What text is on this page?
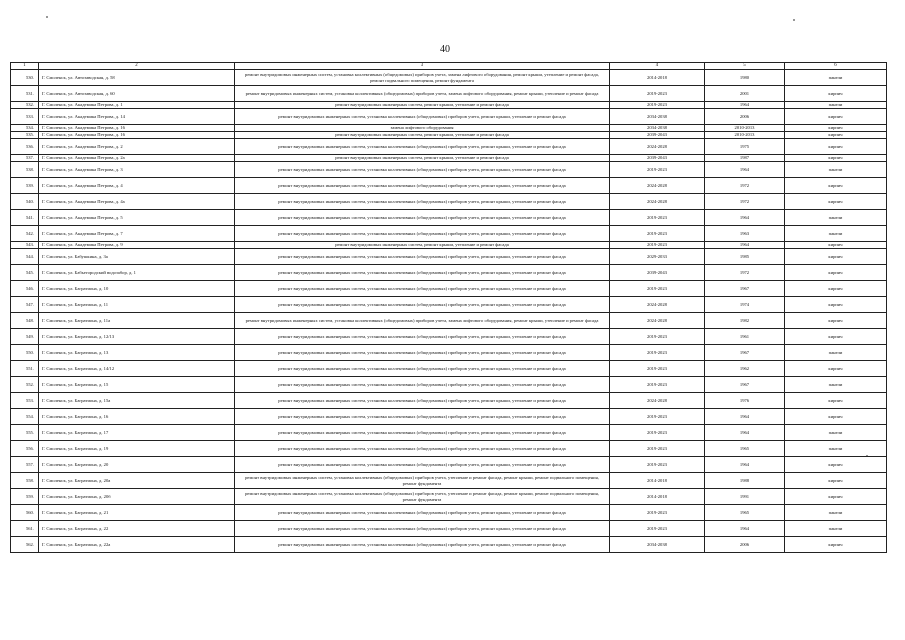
40
1	2	3	4	5	6
530.	Г. Смоленск, ул. Автозаводская, д. 58	ремонт внутридомовых инженерных систем, установка коллективных (общедомовых) приборов учета, замена лифтового оборудования, ремонт крыши, утепление и ремонт фасада, ремонт подвального помещения, ремонт фундамента	2014-2018	1980	панели
531.	Г. Смоленск, ул. Автозаводская, д. 60	ремонт внутридомовых инженерных систем, установка коллективных (общедомовых) приборов учета, замена лифтового оборудования, ремонт крыши, утепление и ремонт фасада	2019-2023	2001	кирпич
532.	Г. Смоленск, ул. Академика Петрова, д. 1	ремонт внутридомовых инженерных систем, ремонт крыши, утепление и ремонт фасада	2019-2023	1964	панели
533.	Г. Смоленск, ул. Академика Петрова, д. 14	ремонт внутридомовых инженерных систем, установка коллективных (общедомовых) приборов учета, ремонт крыши, утепление и ремонт фасада	2034-2038	2006	кирпич
534.	Г. Смоленск, ул. Академика Петрова, д. 16	замена лифтового оборудования	2034-2038	2010-2013	кирпич
535.	Г. Смоленск, ул. Академика Петрова, д. 16	ремонт внутридомовых инженерных систем, ремонт крыши, утепление и ремонт фасада	2039-2043	2010-2013	кирпич
536.	Г. Смоленск, ул. Академика Петрова, д. 2	ремонт внутридомовых инженерных систем, установка коллективных (общедомовых) приборов учета, ремонт крыши, утепление и ремонт фасада	2024-2028	1975	кирпич
537.	Г. Смоленск, ул. Академика Петрова, д. 2а	ремонт внутридомовых инженерных систем, ремонт крыши, утепление и ремонт фасада	2039-2043	1987	кирпич
538.	Г. Смоленск, ул. Академика Петрова, д. 3	ремонт внутридомовых инженерных систем, установка коллективных (общедомовых) приборов учета, ремонт крыши, утепление и ремонт фасада	2019-2023	1964	панели
539.	Г. Смоленск, ул. Академика Петрова, д. 4	ремонт внутридомовых инженерных систем, установка коллективных (общедомовых) приборов учета, ремонт крыши, утепление и ремонт фасада	2024-2028	1972	кирпич
540.	Г. Смоленск, ул. Академика Петрова, д. 4а	ремонт внутридомовых инженерных систем, установка коллективных (общедомовых) приборов учета, ремонт крыши, утепление и ремонт фасада	2024-2028	1972	кирпич
541.	Г. Смоленск, ул. Академика Петрова, д. 5	ремонт внутридомовых инженерных систем, установка коллективных (общедомовых) приборов учета, ремонт крыши, утепление и ремонт фасада	2019-2023	1964	панели
542.	Г. Смоленск, ул. Академика Петрова, д. 7	ремонт внутридомовых инженерных систем, установка коллективных (общедомовых) приборов учета, ремонт крыши, утепление и ремонт фасада	2019-2023	1963	панели
543.	Г. Смоленск, ул. Академика Петрова, д. 9	ремонт внутридомовых инженерных систем, ремонт крыши, утепление и ремонт фасада	2019-2023	1964	кирпич
544.	Г. Смоленск, ул. Бабушкина, д. 3а	ремонт внутридомовых инженерных систем, установка коллективных (общедомовых) приборов учета, ремонт крыши, утепление и ремонт фасада	2029-2033	1985	кирпич
545.	Г. Смоленск, ул. Бабьегородский водозабор, д. 1	ремонт внутридомовых инженерных систем, установка коллективных (общедомовых) приборов учета, ремонт крыши, утепление и ремонт фасада	2039-2043	1972	кирпич
546.	Г. Смоленск, ул. Багратиона, д. 10	ремонт внутридомовых инженерных систем, установка коллективных (общедомовых) приборов учета, ремонт крыши, утепление и ремонт фасада	2019-2023	1967	кирпич
547.	Г. Смоленск, ул. Багратиона, д. 11	ремонт внутридомовых инженерных систем, установка коллективных (общедомовых) приборов учета, ремонт крыши, утепление и ремонт фасада	2024-2028	1974	кирпич
548.	Г. Смоленск, ул. Багратиона, д. 11а	ремонт внутридомовых инженерных систем, установка коллективных (общедомовых) приборов учета, замена лифтового оборудования, ремонт крыши, утепление и ремонт фасада	2024-2028	1982	кирпич
549.	Г. Смоленск, ул. Багратиона, д. 12/13	ремонт внутридомовых инженерных систем, установка коллективных (общедомовых) приборов учета, ремонт крыши, утепление и ремонт фасада	2019-2023	1961	кирпич
550.	Г. Смоленск, ул. Багратиона, д. 13	ремонт внутридомовых инженерных систем, установка коллективных (общедомовых) приборов учета, ремонт крыши, утепление и ремонт фасада	2019-2023	1967	панели
551.	Г. Смоленск, ул. Багратиона, д. 14/12	ремонт внутридомовых инженерных систем, установка коллективных (общедомовых) приборов учета, ремонт крыши, утепление и ремонт фасада	2019-2023	1962	кирпич
552.	Г. Смоленск, ул. Багратиона, д. 15	ремонт внутридомовых инженерных систем, установка коллективных (общедомовых) приборов учета, ремонт крыши, утепление и ремонт фасада	2019-2023	1967	панели
553.	Г. Смоленск, ул. Багратиона, д. 15а	ремонт внутридомовых инженерных систем, установка коллективных (общедомовых) приборов учета, ремонт крыши, утепление и ремонт фасада	2024-2028	1976	кирпич
554.	Г. Смоленск, ул. Багратиона, д. 16	ремонт внутридомовых инженерных систем, установка коллективных (общедомовых) приборов учета, ремонт крыши, утепление и ремонт фасада	2019-2023	1964	кирпич
555.	Г. Смоленск, ул. Багратиона, д. 17	ремонт внутридомовых инженерных систем, установка коллективных (общедомовых) приборов учета, ремонт крыши, утепление и ремонт фасада	2019-2023	1964	панели
556.	Г. Смоленск, ул. Багратиона, д. 19	ремонт внутридомовых инженерных систем, установка коллективных (общедомовых) приборов учета, ремонт крыши, утепление и ремонт фасада	2019-2023	1965	панели
557.	Г. Смоленск, ул. Багратиона, д. 20	ремонт внутридомовых инженерных систем, установка коллективных (общедомовых) приборов учета, ремонт крыши, утепление и ремонт фасада	2019-2023	1964	кирпич
558.	Г. Смоленск, ул. Багратиона, д. 20а	ремонт внутридомовых инженерных систем, установка коллективных (общедомовых) приборов учета, утепление и ремонт фасада, ремонт крыши, ремонт подвального помещения, ремонт фундамента	2014-2018	1988	кирпич
559.	Г. Смоленск, ул. Багратиона, д. 20б	ремонт внутридомовых инженерных систем, установка коллективных (общедомовых) приборов учета, утепление и ремонт фасада, ремонт крыши, ремонт подвального помещения, ремонт фундамента	2014-2018	1991	кирпич
560.	Г. Смоленск, ул. Багратиона, д. 21	ремонт внутридомовых инженерных систем, установка коллективных (общедомовых) приборов учета, ремонт крыши, утепление и ремонт фасада	2019-2023	1965	панели
561.	Г. Смоленск, ул. Багратиона, д. 22	ремонт внутридомовых инженерных систем, установка коллективных (общедомовых) приборов учета, ремонт крыши, утепление и ремонт фасада	2019-2023	1964	панели
562.	Г. Смоленск, ул. Багратиона, д. 22а	ремонт внутридомовых инженерных систем, установка коллективных (общедомовых) приборов учета, ремонт крыши, утепление и ремонт фасада	2034-2038	2006	кирпич
